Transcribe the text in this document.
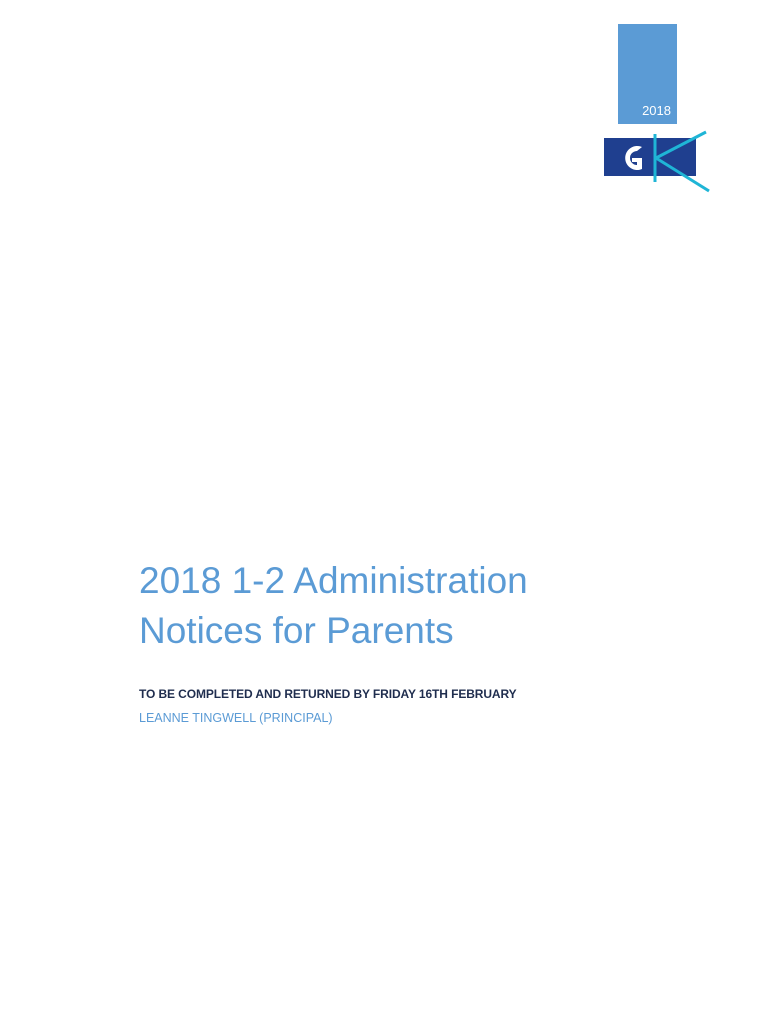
2018
2018 1-2 Administration
Notices for Parents

TO BE COMPLETED AND RETURNED BY FRIDAY 16TH FEBRUARY

LEANNE TINGWELL (PRINCIPAL)
